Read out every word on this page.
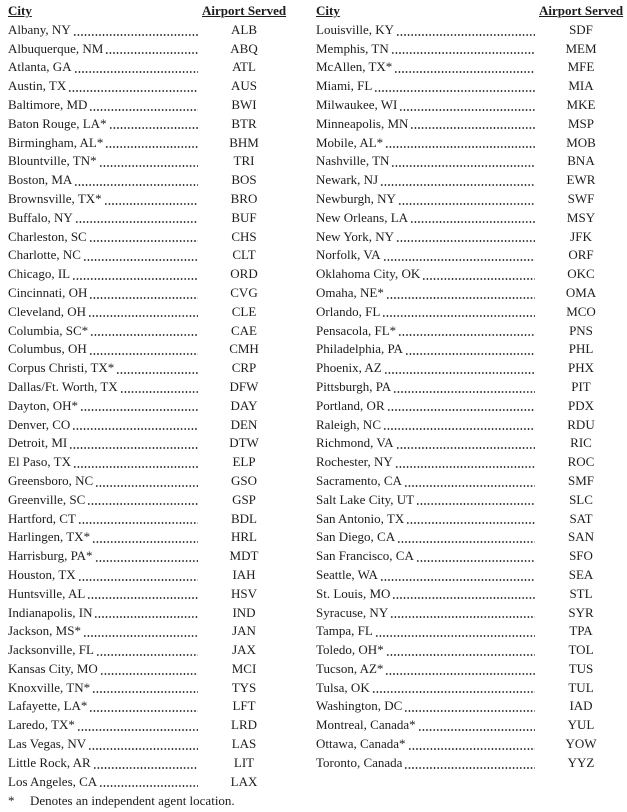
City	Airport Served
Albany, NY	ALB
Albuquerque, NM	ABQ
Atlanta, GA	ATL
Austin, TX	AUS
Baltimore, MD	BWI
Baton Rouge, LA*	BTR
Birmingham, AL*	BHM
Blountville, TN*	TRI
Boston, MA	BOS
Brownsville, TX*	BRO
Buffalo, NY	BUF
Charleston, SC	CHS
Charlotte, NC	CLT
Chicago, IL	ORD
Cincinnati, OH	CVG
Cleveland, OH	CLE
Columbia, SC*	CAE
Columbus, OH	CMH
Corpus Christi, TX*	CRP
Dallas/Ft. Worth, TX	DFW
Dayton, OH*	DAY
Denver, CO	DEN
Detroit, MI	DTW
El Paso, TX	ELP
Greensboro, NC	GSO
Greenville, SC	GSP
Hartford, CT	BDL
Harlingen, TX*	HRL
Harrisburg, PA*	MDT
Houston, TX	IAH
Huntsville, AL	HSV
Indianapolis, IN	IND
Jackson, MS*	JAN
Jacksonville, FL	JAX
Kansas City, MO	MCI
Knoxville, TN*	TYS
Lafayette, LA*	LFT
Laredo, TX*	LRD
Las Vegas, NV	LAS
Little Rock, AR	LIT
Los Angeles, CA	LAX
*	Denotes an independent agent location.
City	Airport Served
Louisville, KY	SDF
Memphis, TN	MEM
McAllen, TX*	MFE
Miami, FL	MIA
Milwaukee, WI	MKE
Minneapolis, MN	MSP
Mobile, AL*	MOB
Nashville, TN	BNA
Newark, NJ	EWR
Newburgh, NY	SWF
New Orleans, LA	MSY
New York, NY	JFK
Norfolk, VA	ORF
Oklahoma City, OK	OKC
Omaha, NE*	OMA
Orlando, FL	MCO
Pensacola, FL*	PNS
Philadelphia, PA	PHL
Phoenix, AZ	PHX
Pittsburgh, PA	PIT
Portland, OR	PDX
Raleigh, NC	RDU
Richmond, VA	RIC
Rochester, NY	ROC
Sacramento, CA	SMF
Salt Lake City, UT	SLC
San Antonio, TX	SAT
San Diego, CA	SAN
San Francisco, CA	SFO
Seattle, WA	SEA
St. Louis, MO	STL
Syracuse, NY	SYR
Tampa, FL	TPA
Toledo, OH*	TOL
Tucson, AZ*	TUS
Tulsa, OK	TUL
Washington, DC	IAD
Montreal, Canada*	YUL
Ottawa, Canada*	YOW
Toronto, Canada	YYZ
